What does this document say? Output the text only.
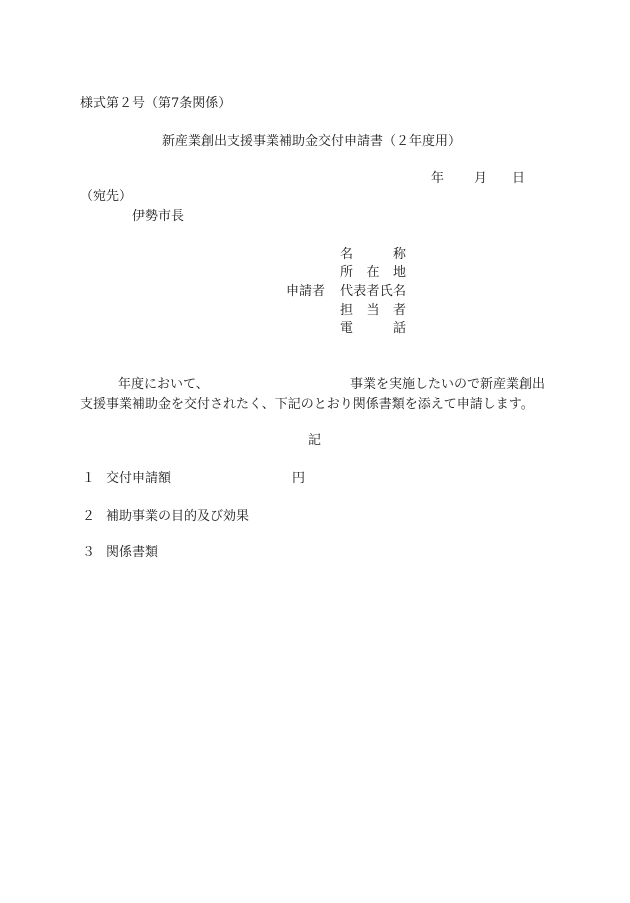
様式第２号（第7条関係）
新産業創出支援事業補助金交付申請書（２年度用）
年 月 日
（宛先）
伊勢市長
申請者
名称
所在地
代表者氏名
担当者
電話
年度において、	事業を実施したいので新産業創出
支援事業補助金を交付されたく、下記のとおり関係書類を添えて申請します。
記
１ 交付申請額	円
２ 補助事業の目的及び効果
３ 関係書類
